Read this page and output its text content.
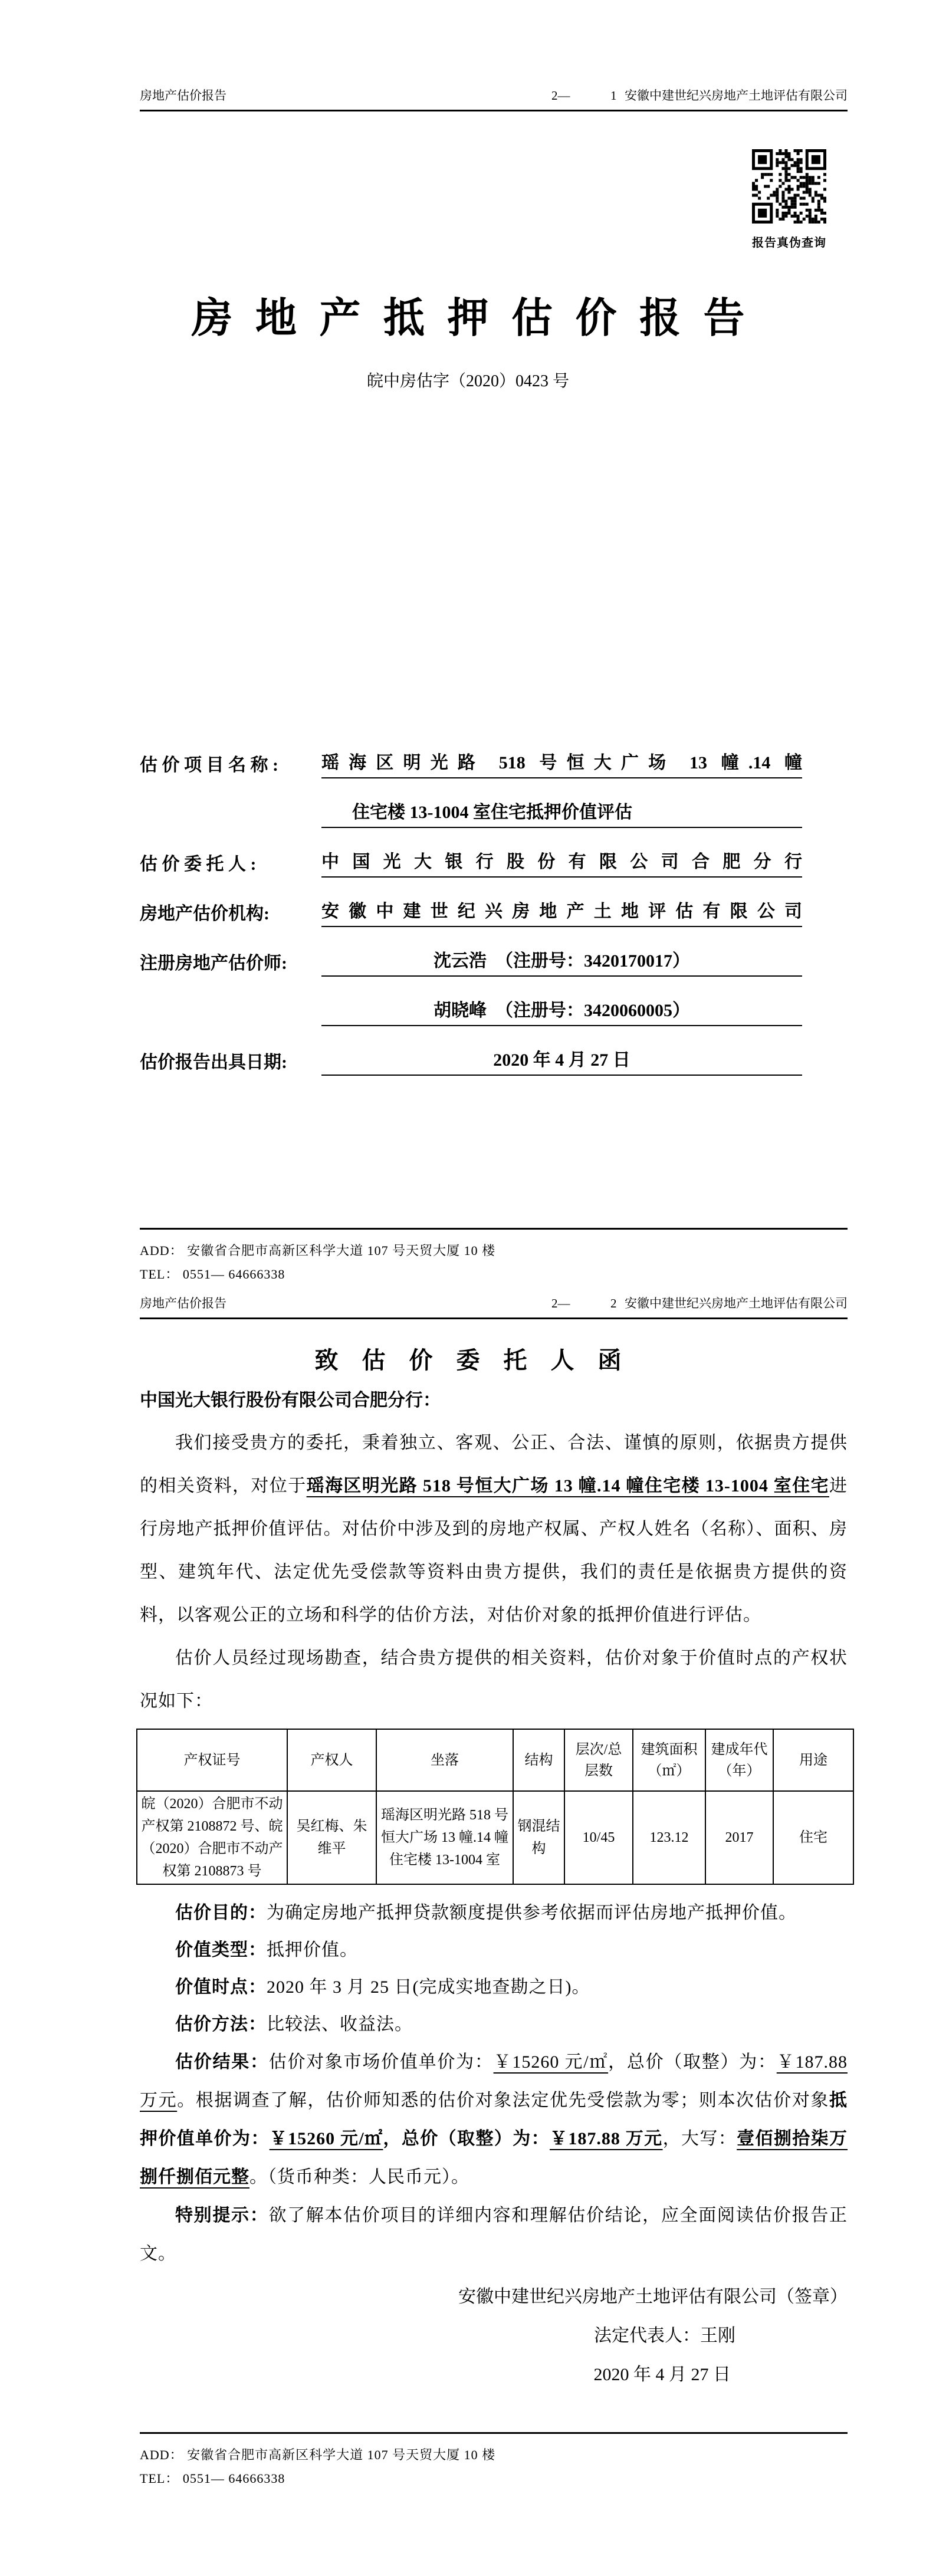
房地产估价报告	2—	1 安徽中建世纪兴房地产土地评估有限公司
报告真伪查询
房地产抵押估价报告
皖中房估字（2020）0423 号
估 价 项 目 名 称 :	瑶海区明光路 518 号恒大广场 13 幢.14 幢
住宅楼 13-1004 室住宅抵押价值评估
估 价 委 托 人 :	中国光大银行股份有限公司合肥分行
房地产估价机构:	安徽中建世纪兴房地产土地评估有限公司
注册房地产估价师:	沈云浩　（注册号：3420170017）
胡晓峰　（注册号：3420060005）
估价报告出具日期:	2020 年 4 月 27 日
ADD： 安徽省合肥市高新区科学大道 107 号天贸大厦 10 楼
TEL： 0551— 64666338
房地产估价报告	2—	2 安徽中建世纪兴房地产土地评估有限公司
致估价委托人函
中国光大银行股份有限公司合肥分行：

我们接受贵方的委托，秉着独立、客观、公正、合法、谨慎的原则，依据贵方提供的相关资料，对位于瑶海区明光路 518 号恒大广场 13 幢.14 幢住宅楼 13-1004 室住宅进行房地产抵押价值评估。对估价中涉及到的房地产权属、产权人姓名（名称）、面积、房型、建筑年代、法定优先受偿款等资料由贵方提供，我们的责任是依据贵方提供的资料，以客观公正的立场和科学的估价方法，对估价对象的抵押价值进行评估。

估价人员经过现场勘查，结合贵方提供的相关资料，估价对象于价值时点的产权状况如下：

产权证号	产权人	坐落	结构	层次/总层数	建筑面积（㎡）	建成年代（年）	用途
皖（2020）合肥市不动产权第 2108872 号、皖（2020）合肥市不动产权第 2108873 号	吴红梅、朱维平	瑶海区明光路 518 号恒大广场 13 幢.14 幢住宅楼 13-1004 室	钢混结构	10/45	123.12	2017	住宅

估价目的：为确定房地产抵押贷款额度提供参考依据而评估房地产抵押价值。

价值类型：抵押价值。

价值时点：2020 年 3 月 25 日(完成实地查勘之日)。

估价方法：比较法、收益法。

估价结果：估价对象市场价值单价为：￥15260 元/㎡，总价（取整）为：￥187.88 万元。根据调查了解，估价师知悉的估价对象法定优先受偿款为零；则本次估价对象抵押价值单价为：￥15260 元/㎡，总价（取整）为：￥187.88 万元，大写：壹佰捌拾柒万捌仟捌佰元整。（货币种类：人民币元）。

特别提示：欲了解本估价项目的详细内容和理解估价结论，应全面阅读估价报告正文。

安徽中建世纪兴房地产土地评估有限公司（签章）
法定代表人：王刚
2020 年 4 月 27 日
ADD： 安徽省合肥市高新区科学大道 107 号天贸大厦 10 楼
TEL： 0551— 64666338
